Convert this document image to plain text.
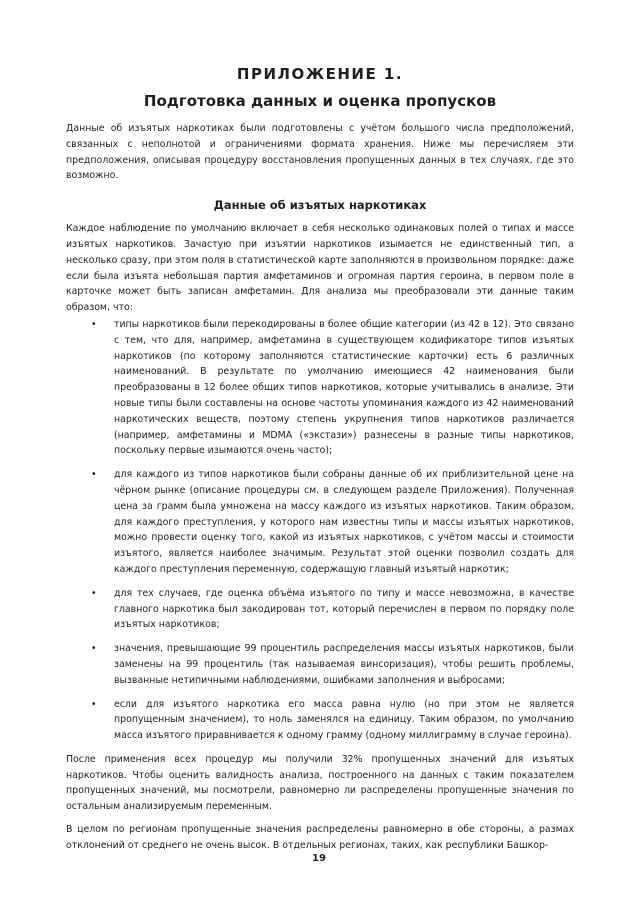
ПРИЛОЖЕНИЕ 1.
Подготовка данных и оценка пропусков

Данные об изъятых наркотиках были подготовлены с учётом большого числа предположений, связанных с неполнотой и ограничениями формата хранения. Ниже мы перечисляем эти предположения, описывая процедуру восстановления пропущенных данных в тех случаях, где это возможно.

Данные об изъятых наркотиках

Каждое наблюдение по умолчанию включает в себя несколько одинаковых полей о типах и массе изъятых наркотиков. Зачастую при изъятии наркотиков изымается не единственный тип, а несколько сразу, при этом поля в статистической карте заполняются в произвольном порядке: даже если была изъята небольшая партия амфетаминов и огромная партия героина, в первом поле в карточке может быть записан амфетамин. Для анализа мы преобразовали эти данные таким образом, что:

• типы наркотиков были перекодированы в более общие категории (из 42 в 12). Это связано с тем, что для, например, амфетамина в существующем кодификаторе типов изъятых наркотиков (по которому заполняются статистические карточки) есть 6 различных наименований. В результате по умолчанию имеющиеся 42 наименования были преобразованы в 12 более общих типов наркотиков, которые учитывались в анализе. Эти новые типы были составлены на основе частоты упоминания каждого из 42 наименований наркотических веществ, поэтому степень укрупнения типов наркотиков различается (например, амфетамины и MDMA («экстази») разнесены в разные типы наркотиков, поскольку первые изымаются очень часто);
• для каждого из типов наркотиков были собраны данные об их приблизительной цене на чёрном рынке (описание процедуры см. в следующем разделе Приложения). Полученная цена за грамм была умножена на массу каждого из изъятых наркотиков. Таким образом, для каждого преступления, у которого нам известны типы и массы изъятых наркотиков, можно провести оценку того, какой из изъятых наркотиков, с учётом массы и стоимости изъятого, является наиболее значимым. Результат этой оценки позволил создать для каждого преступления переменную, содержащую главный изъятый наркотик;
• для тех случаев, где оценка объёма изъятого по типу и массе невозможна, в качестве главного наркотика был закодирован тот, который перечислен в первом по порядку поле изъятых наркотиков;
• значения, превышающие 99 процентиль распределения массы изъятых наркотиков, были заменены на 99 процентиль (так называемая винсоризация), чтобы решить проблемы, вызванные нетипичными наблюдениями, ошибками заполнения и выбросами;
• если для изъятого наркотика его масса равна нулю (но при этом не является пропущенным значением), то ноль заменялся на единицу. Таким образом, по умолчанию масса изъятого приравнивается к одному грамму (одному миллиграмму в случае героина).

После применения всех процедур мы получили 32% пропущенных значений для изъятых наркотиков. Чтобы оценить валидность анализа, построенного на данных с таким показателем пропущенных значений, мы посмотрели, равномерно ли распределены пропущенные значения по остальным анализируемым переменным.

В целом по регионам пропущенные значения распределены равномерно в обе стороны, а размах отклонений от среднего не очень высок. В отдельных регионах, таких, как республики Башкор-

19
